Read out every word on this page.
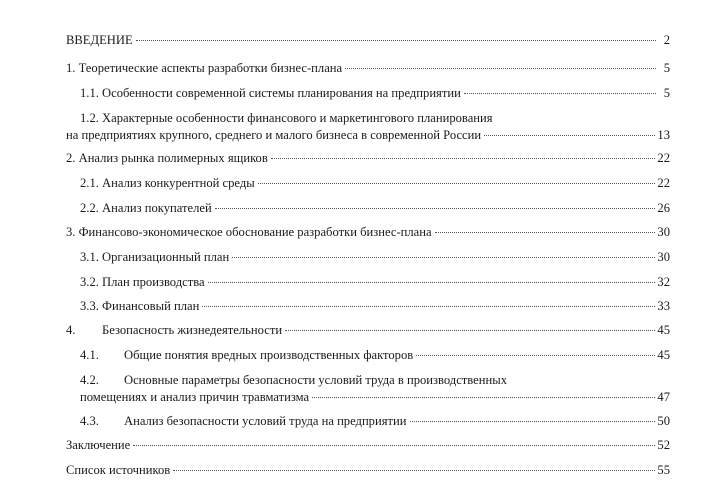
ВВЕДЕНИЕ	2
1. Теоретические аспекты разработки бизнес-плана	5
1.1. Особенности современной системы планирования на предприятии	5
1.2. Характерные особенности финансового и маркетингового планирования
на предприятиях крупного, среднего и малого бизнеса в современной России	13
2. Анализ рынка полимерных ящиков	22
2.1. Анализ конкурентной среды	22
2.2. Анализ покупателей	26
3. Финансово-экономическое обоснование разработки бизнес-плана	30
3.1. Организационный план	30
3.2. План производства	32
3.3. Финансовый план	33
4.	Безопасность жизнедеятельности	45
4.1.	Общие понятия вредных производственных факторов	45
4.2.	Основные параметры безопасности условий труда в производственных
помещениях и анализ причин травматизма	47
4.3.	Анализ безопасности условий труда на предприятии	50
Заключение	52
Список источников	55
